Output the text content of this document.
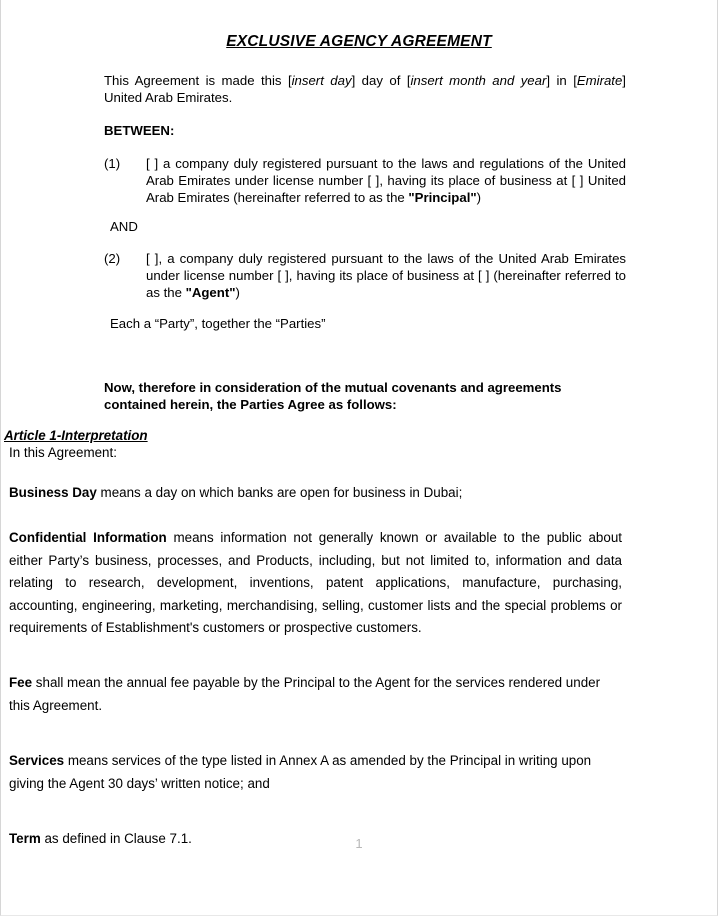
EXCLUSIVE AGENCY AGREEMENT

This Agreement is made this [insert day] day of [insert month and year] in [Emirate] United Arab Emirates.

BETWEEN:
(1)	[ ] a company duly registered pursuant to the laws and regulations of the United Arab Emirates under license number [ ], having its place of business at [ ] United Arab Emirates (hereinafter referred to as the "Principal")
AND
(2)	[ ], a company duly registered pursuant to the laws of the United Arab Emirates under license number [ ], having its place of business at [ ] (hereinafter referred to as the "Agent")
Each a “Party”, together the “Parties”
Now, therefore in consideration of the mutual covenants and agreements contained herein, the Parties Agree as follows:
Article 1-Interpretation
In this Agreement:
Business Day means a day on which banks are open for business in Dubai;
Confidential Information means information not generally known or available to the public about either Party’s business, processes, and Products, including, but not limited to, information and data relating to research, development, inventions, patent applications, manufacture, purchasing, accounting, engineering, marketing, merchandising, selling, customer lists and the special problems or requirements of Establishment's customers or prospective customers.
Fee shall mean the annual fee payable by the Principal to the Agent for the services rendered under this Agreement.
Services means services of the type listed in Annex A as amended by the Principal in writing upon giving the Agent 30 days’ written notice; and
Term as defined in Clause 7.1.	1
